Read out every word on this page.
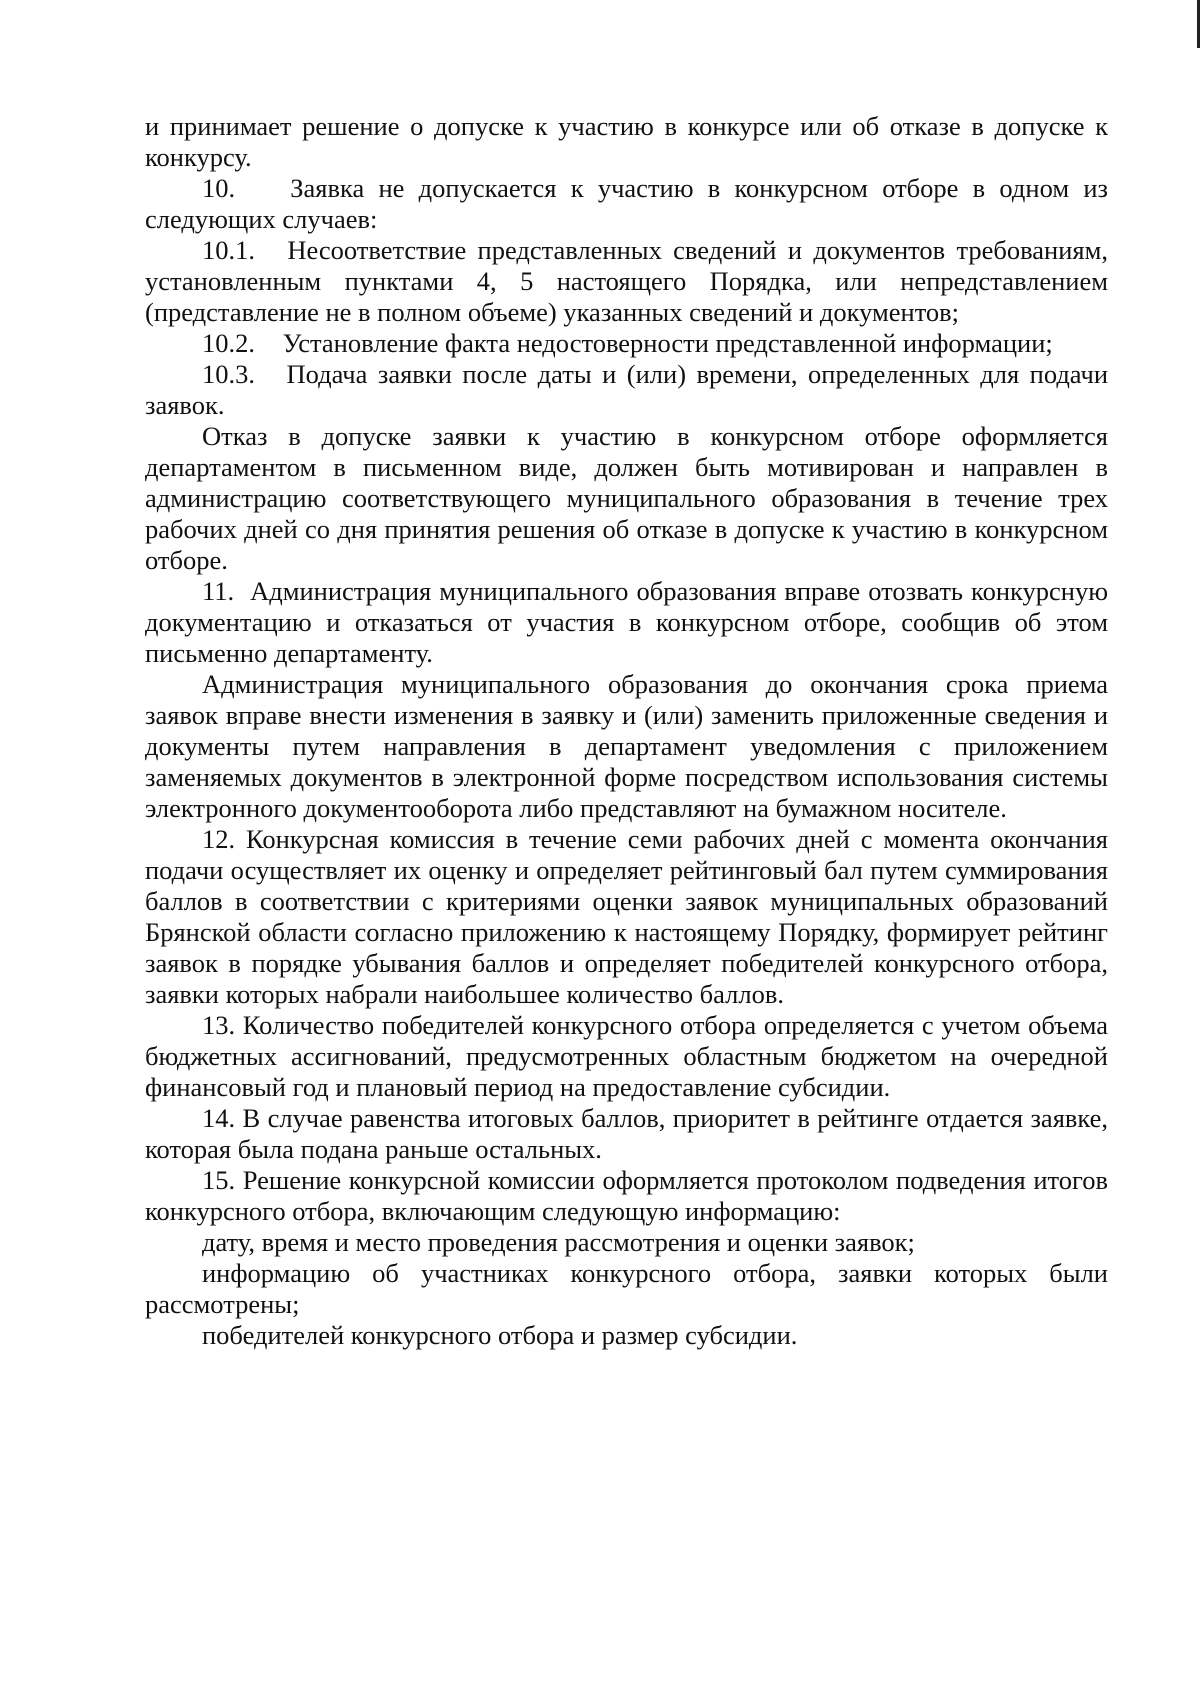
и принимает решение о допуске к участию в конкурсе или об отказе в допуске к конкурсу.

10. Заявка не допускается к участию в конкурсном отборе в одном из следующих случаев:

10.1. Несоответствие представленных сведений и документов требованиям, установленным пунктами 4, 5 настоящего Порядка, или непредставлением (представление не в полном объеме) указанных сведений и документов;

10.2. Установление факта недостоверности представленной информации;

10.3. Подача заявки после даты и (или) времени, определенных для подачи заявок.

Отказ в допуске заявки к участию в конкурсном отборе оформляется департаментом в письменном виде, должен быть мотивирован и направлен в администрацию соответствующего муниципального образования в течение трех рабочих дней со дня принятия решения об отказе в допуске к участию в конкурсном отборе.

11. Администрация муниципального образования вправе отозвать конкурсную документацию и отказаться от участия в конкурсном отборе, сообщив об этом письменно департаменту.

Администрация муниципального образования до окончания срока приема заявок вправе внести изменения в заявку и (или) заменить приложенные сведения и документы путем направления в департамент уведомления с приложением заменяемых документов в электронной форме посредством использования системы электронного документооборота либо представляют на бумажном носителе.

12. Конкурсная комиссия в течение семи рабочих дней с момента окончания подачи осуществляет их оценку и определяет рейтинговый бал путем суммирования баллов в соответствии с критериями оценки заявок муниципальных образований Брянской области согласно приложению к настоящему Порядку, формирует рейтинг заявок в порядке убывания баллов и определяет победителей конкурсного отбора, заявки которых набрали наибольшее количество баллов.

13. Количество победителей конкурсного отбора определяется с учетом объема бюджетных ассигнований, предусмотренных областным бюджетом на очередной финансовый год и плановый период на предоставление субсидии.

14. В случае равенства итоговых баллов, приоритет в рейтинге отдается заявке, которая была подана раньше остальных.

15. Решение конкурсной комиссии оформляется протоколом подведения итогов конкурсного отбора, включающим следующую информацию:

дату, время и место проведения рассмотрения и оценки заявок;

информацию об участниках конкурсного отбора, заявки которых были рассмотрены;

победителей конкурсного отбора и размер субсидии.
